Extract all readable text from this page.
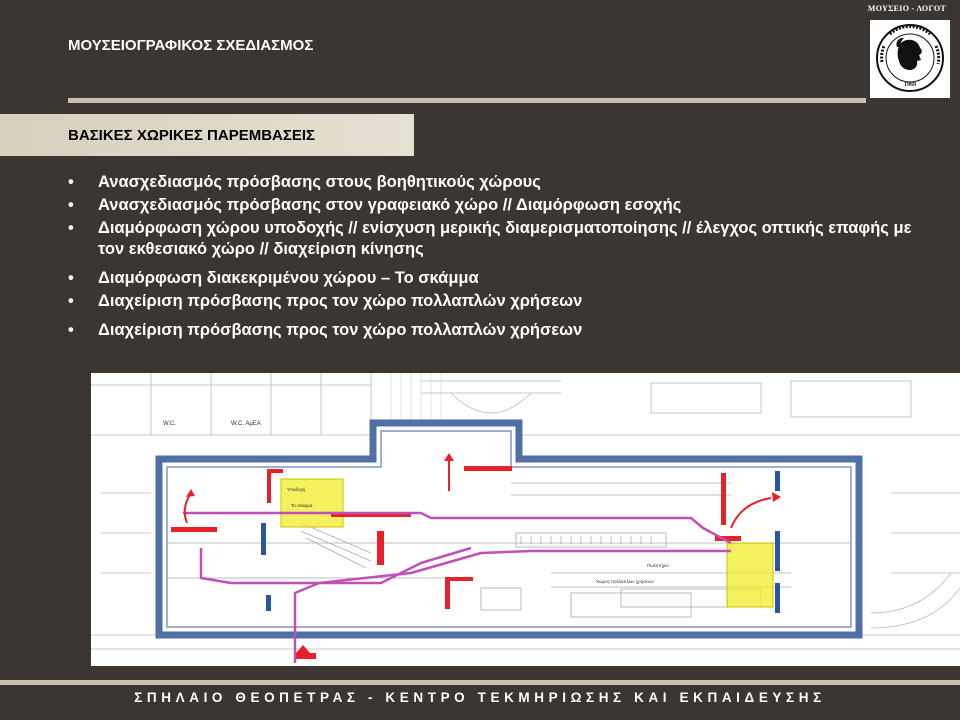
ΜΟΥΣΕΙΟ - ΛΟΓΟΤ
ΜΟΥΣΕΙΟΓΡΑΦΙΚΟΣ ΣΧΕΔΙΑΣΜΟΣ
1969
ΒΑΣΙΚΕΣ ΧΩΡΙΚΕΣ ΠΑΡΕΜΒΑΣΕΙΣ
• Ανασχεδιασμός πρόσβασης στους βοηθητικούς χώρους
• Ανασχεδιασμός πρόσβασης στον γραφειακό χώρο // Διαμόρφωση εσοχής
• Διαμόρφωση χώρου υποδοχής // ενίσχυση μερικής διαμερισματοποίησης // έλεγχος οπτικής επαφής με τον εκθεσιακό χώρο // διαχείριση κίνησης
• Διαμόρφωση διακεκριμένου χώρου – Το σκάμμα
• Διαχείριση πρόσβασης προς τον χώρο πολλαπλών χρήσεων
• Διαχείριση πρόσβασης προς τον χώρο πολλαπλών χρήσεων
W.C.	W.C. AµΕΑ
Υποδοχή
Το σκάμμα
Πωλητήριο
Χώρος πολλαπλών χρήσεων
ΣΠΗΛΑΙΟ ΘΕΟΠΕΤΡΑΣ - ΚΕΝΤΡΟ ΤΕΚΜΗΡΙΩΣΗΣ ΚΑΙ ΕΚΠΑΙΔΕΥΣΗΣ
